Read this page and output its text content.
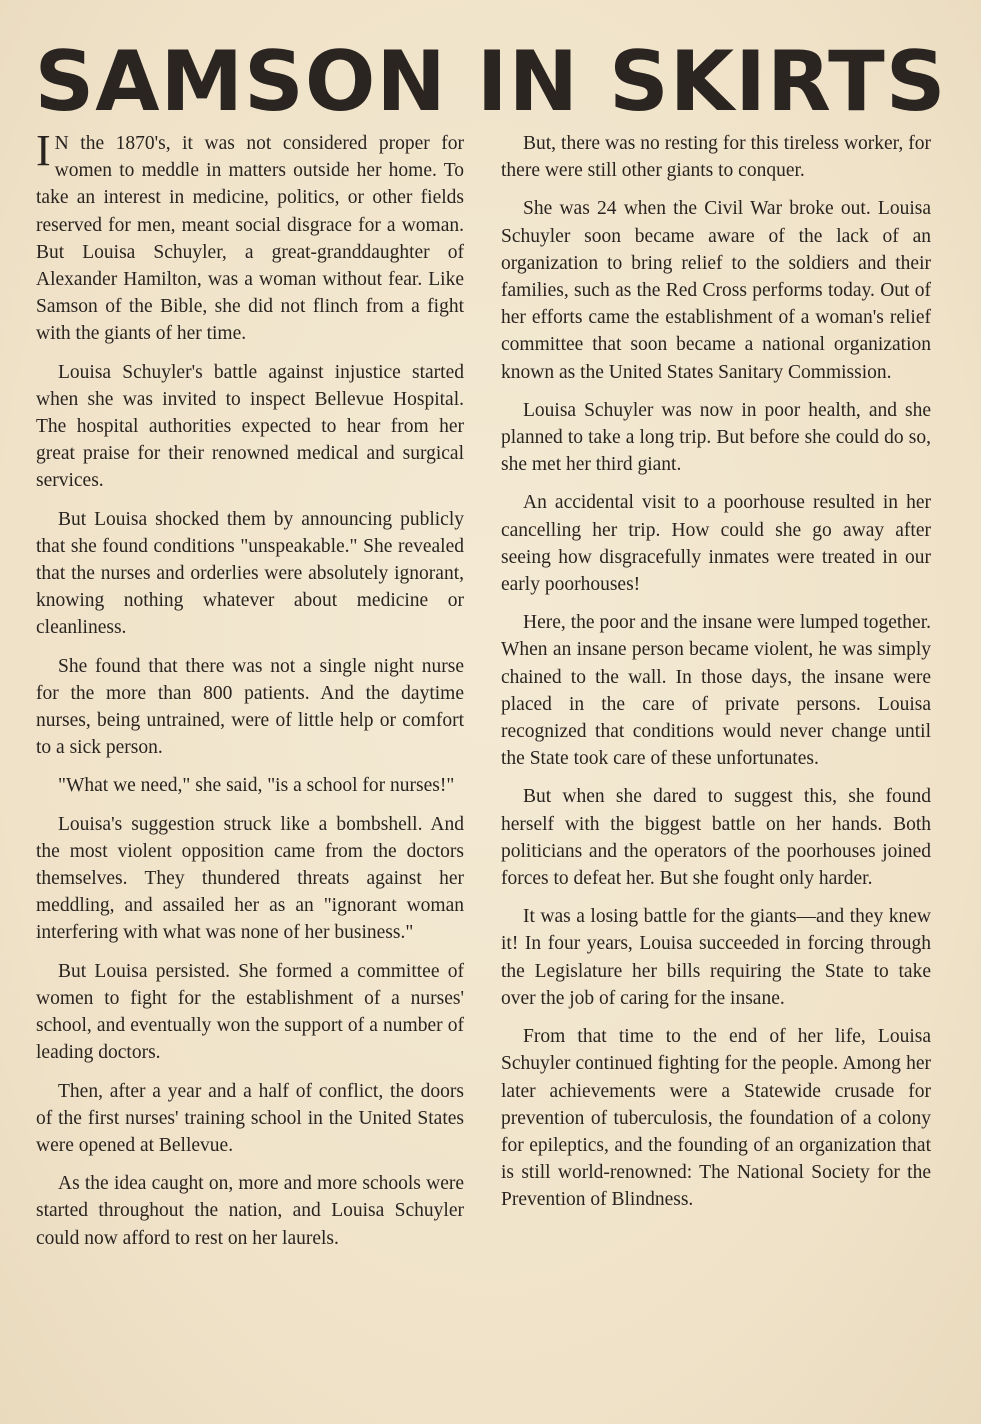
SAMSON IN SKIRTS

I N the 1870's, it was not considered proper for women to meddle in matters outside her home. To take an interest in medicine, politics, or other fields reserved for men, meant social disgrace for a woman. But Louisa Schuyler, a great-granddaughter of Alexander Hamilton, was a woman without fear. Like Samson of the Bible, she did not flinch from a fight with the giants of her time.

Louisa Schuyler's battle against injustice started when she was invited to inspect Bellevue Hospital. The hospital authorities expected to hear from her great praise for their renowned medical and surgical services.

But Louisa shocked them by announcing publicly that she found conditions "unspeakable." She revealed that the nurses and orderlies were absolutely ignorant, knowing nothing whatever about medicine or cleanliness.

She found that there was not a single night nurse for the more than 800 patients. And the daytime nurses, being untrained, were of little help or comfort to a sick person.

"What we need," she said, "is a school for nurses!"

Louisa's suggestion struck like a bombshell. And the most violent opposition came from the doctors themselves. They thundered threats against her meddling, and assailed her as an "ignorant woman interfering with what was none of her business."

But Louisa persisted. She formed a committee of women to fight for the establishment of a nurses' school, and eventually won the support of a number of leading doctors.

Then, after a year and a half of conflict, the doors of the first nurses' training school in the United States were opened at Bellevue.

As the idea caught on, more and more schools were started throughout the nation, and Louisa Schuyler could now afford to rest on her laurels.

But, there was no resting for this tireless worker, for there were still other giants to conquer.

She was 24 when the Civil War broke out. Louisa Schuyler soon became aware of the lack of an organization to bring relief to the soldiers and their families, such as the Red Cross performs today. Out of her efforts came the establishment of a woman's relief committee that soon became a national organization known as the United States Sanitary Commission.

Louisa Schuyler was now in poor health, and she planned to take a long trip. But before she could do so, she met her third giant.

An accidental visit to a poorhouse resulted in her cancelling her trip. How could she go away after seeing how disgracefully inmates were treated in our early poorhouses!

Here, the poor and the insane were lumped together. When an insane person became violent, he was simply chained to the wall. In those days, the insane were placed in the care of private persons. Louisa recognized that conditions would never change until the State took care of these unfortunates.

But when she dared to suggest this, she found herself with the biggest battle on her hands. Both politicians and the operators of the poorhouses joined forces to defeat her. But she fought only harder.

It was a losing battle for the giants—and they knew it! In four years, Louisa succeeded in forcing through the Legislature her bills requiring the State to take over the job of caring for the insane.

From that time to the end of her life, Louisa Schuyler continued fighting for the people. Among her later achievements were a Statewide crusade for prevention of tuberculosis, the foundation of a colony for epileptics, and the founding of an organization that is still world-renowned: The National Society for the Prevention of Blindness.
